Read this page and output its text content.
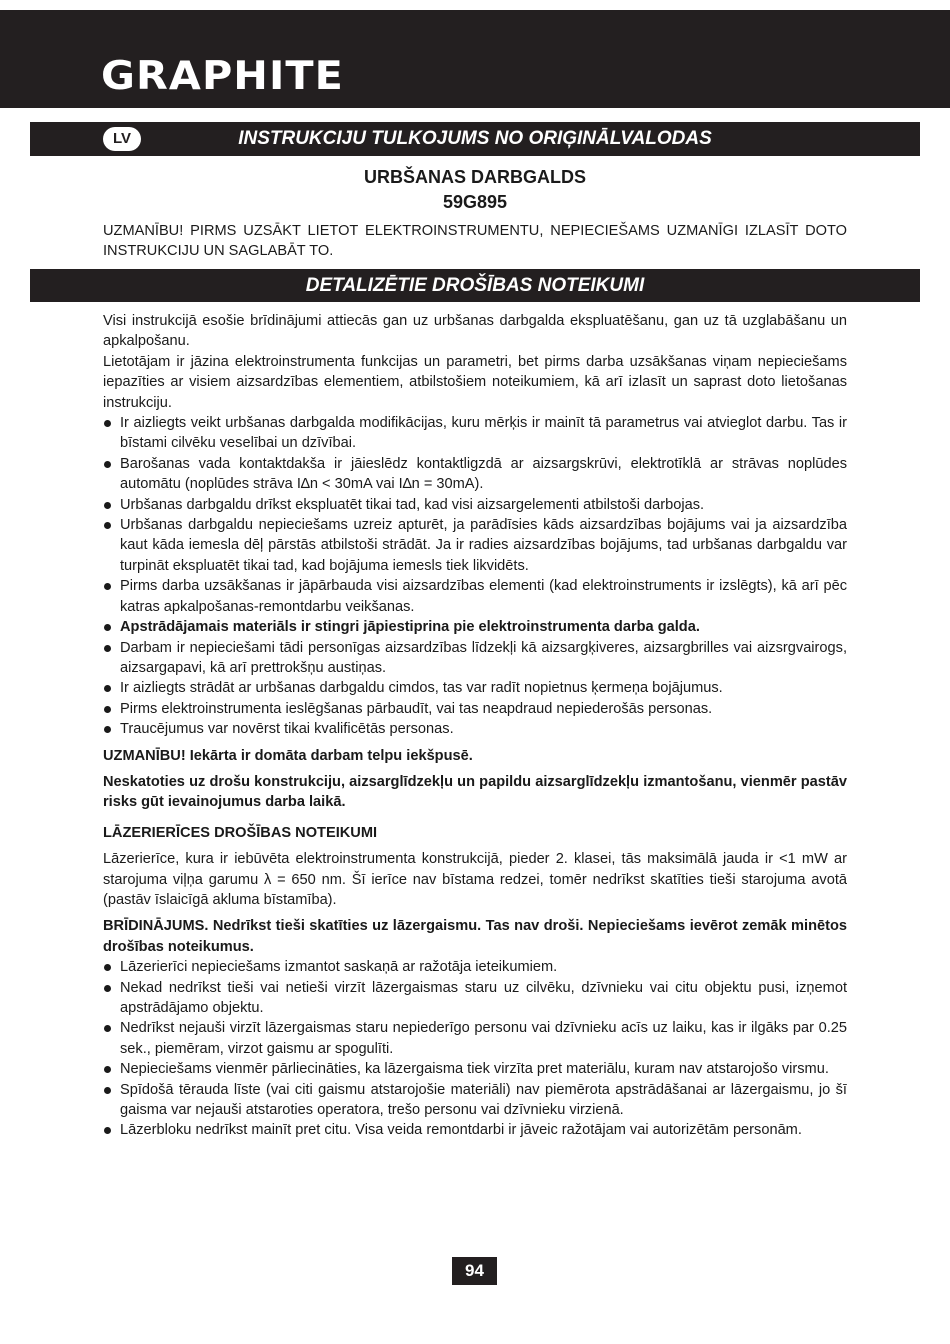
GRAPHITE
LV	INSTRUKCIJU TULKOJUMS NO ORIĢINĀLVALODAS
URBŠANAS DARBGALDS
59G895

UZMANĪBU! PIRMS UZSĀKT LIETOT ELEKTROINSTRUMENTU, NEPIECIEŠAMS UZMANĪGI IZLASĪT DOTO INSTRUKCIJU UN SAGLABĀT TO.

DETALIZĒTIE DROŠĪBAS NOTEIKUMI

Visi instrukcijā esošie brīdinājumi attiecās gan uz urbšanas darbgalda ekspluatēšanu, gan uz tā uzglabāšanu un apkalpošanu.

Lietotājam ir jāzina elektroinstrumenta funkcijas un parametri, bet pirms darba uzsākšanas viņam nepieciešams iepazīties ar visiem aizsardzības elementiem, atbilstošiem noteikumiem, kā arī izlasīt un saprast doto lietošanas instrukciju.

Ir aizliegts veikt urbšanas darbgalda modifikācijas, kuru mērķis ir mainīt tā parametrus vai atvieglot darbu. Tas ir bīstami cilvēku veselībai un dzīvībai.
Barošanas vada kontaktdakša ir jāieslēdz kontaktligzdā ar aizsargskrūvi, elektrotīklā ar strāvas noplūdes automātu (noplūdes strāva I∆n < 30mA vai I∆n = 30mA).
Urbšanas darbgaldu drīkst ekspluatēt tikai tad, kad visi aizsargelementi atbilstoši darbojas.
Urbšanas darbgaldu nepieciešams uzreiz apturēt, ja parādīsies kāds aizsardzības bojājums vai ja aizsardzība kaut kāda iemesla dēļ pārstās atbilstoši strādāt. Ja ir radies aizsardzības bojājums, tad urbšanas darbgaldu var turpināt ekspluatēt tikai tad, kad bojājuma iemesls tiek likvidēts.
Pirms darba uzsākšanas ir jāpārbauda visi aizsardzības elementi (kad elektroinstruments ir izslēgts), kā arī pēc katras apkalpošanas-remontdarbu veikšanas.
Apstrādājamais materiāls ir stingri jāpiestiprina pie elektroinstrumenta darba galda.
Darbam ir nepieciešami tādi personīgas aizsardzības līdzekļi kā aizsargķiveres, aizsargbrilles vai aizsrgvairogs, aizsargapavi, kā arī prettrokšņu austiņas.
Ir aizliegts strādāt ar urbšanas darbgaldu cimdos, tas var radīt nopietnus ķermeņa bojājumus.
Pirms elektroinstrumenta ieslēgšanas pārbaudīt, vai tas neapdraud nepiederošās personas.
Traucējumus var novērst tikai kvalificētās personas.

UZMANĪBU! Iekārta ir domāta darbam telpu iekšpusē.

Neskatoties uz drošu konstrukciju, aizsarglīdzekļu un papildu aizsarglīdzekļu izmantošanu, vienmēr pastāv risks gūt ievainojumus darba laikā.

LĀZERIERĪCES DROŠĪBAS NOTEIKUMI

Lāzerierīce, kura ir iebūvēta elektroinstrumenta konstrukcijā, pieder 2. klasei, tās maksimālā jauda ir <1 mW ar starojuma viļņa garumu λ = 650 nm. Šī ierīce nav bīstama redzei, tomēr nedrīkst skatīties tieši starojuma avotā (pastāv īslaicīgā akluma bīstamība).

BRĪDINĀJUMS. Nedrīkst tieši skatīties uz lāzergaismu. Tas nav droši. Nepieciešams ievērot zemāk minētos drošības noteikumus.

Lāzerierīci nepieciešams izmantot saskaņā ar ražotāja ieteikumiem.
Nekad nedrīkst tieši vai netieši virzīt lāzergaismas staru uz cilvēku, dzīvnieku vai citu objektu pusi, izņemot apstrādājamo objektu.
Nedrīkst nejauši virzīt lāzergaismas staru nepiederīgo personu vai dzīvnieku acīs uz laiku, kas ir ilgāks par 0.25 sek., piemēram, virzot gaismu ar spogulīti.
Nepieciešams vienmēr pārliecināties, ka lāzergaisma tiek virzīta pret materiālu, kuram nav atstarojošo virsmu.
Spīdošā tērauda līste (vai citi gaismu atstarojošie materiāli) nav piemērota apstrādāšanai ar lāzergaismu, jo šī gaisma var nejauši atstaroties operatora, trešo personu vai dzīvnieku virzienā.
Lāzerbloku nedrīkst mainīt pret citu. Visa veida remontdarbi ir jāveic ražotājam vai autorizētām personām.
94
